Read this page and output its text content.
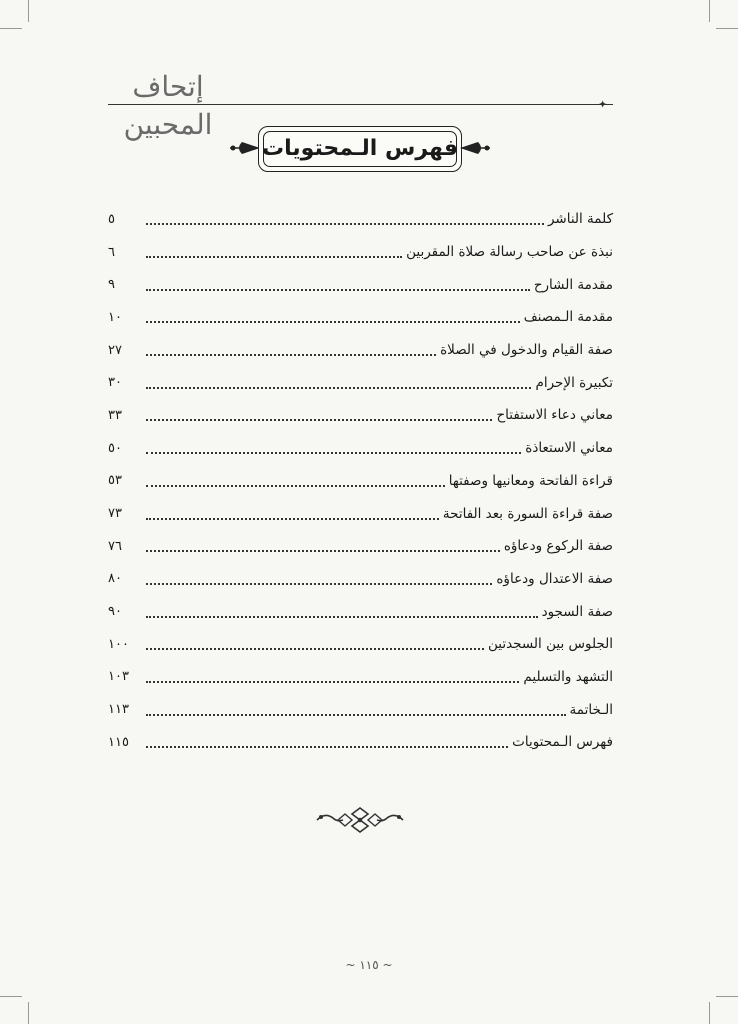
إتحاف المحبين
✦
فهرس الـمحتويات
كلمة الناشر
٥
نبذة عن صاحب رسالة صلاة المقربين
٦
مقدمة الشارح
٩
مقدمة الـمصنف
١٠
صفة القيام والدخول في الصلاة
٢٧
تكبيرة الإحرام
٣٠
معاني دعاء الاستفتاح
٣٣
معاني الاستعاذة
٥٠
قراءة الفاتحة ومعانيها وصفتها
٥٣
صفة قراءة السورة بعد الفاتحة
٧٣
صفة الركوع ودعاؤه
٧٦
صفة الاعتدال ودعاؤه
٨٠
صفة السجود
٩٠
الجلوس بين السجدتين
١٠٠
التشهد والتسليم
١٠٣
الـخاتمة
١١٣
فهرس الـمحتويات
١١٥
~ ١١٥ ~
